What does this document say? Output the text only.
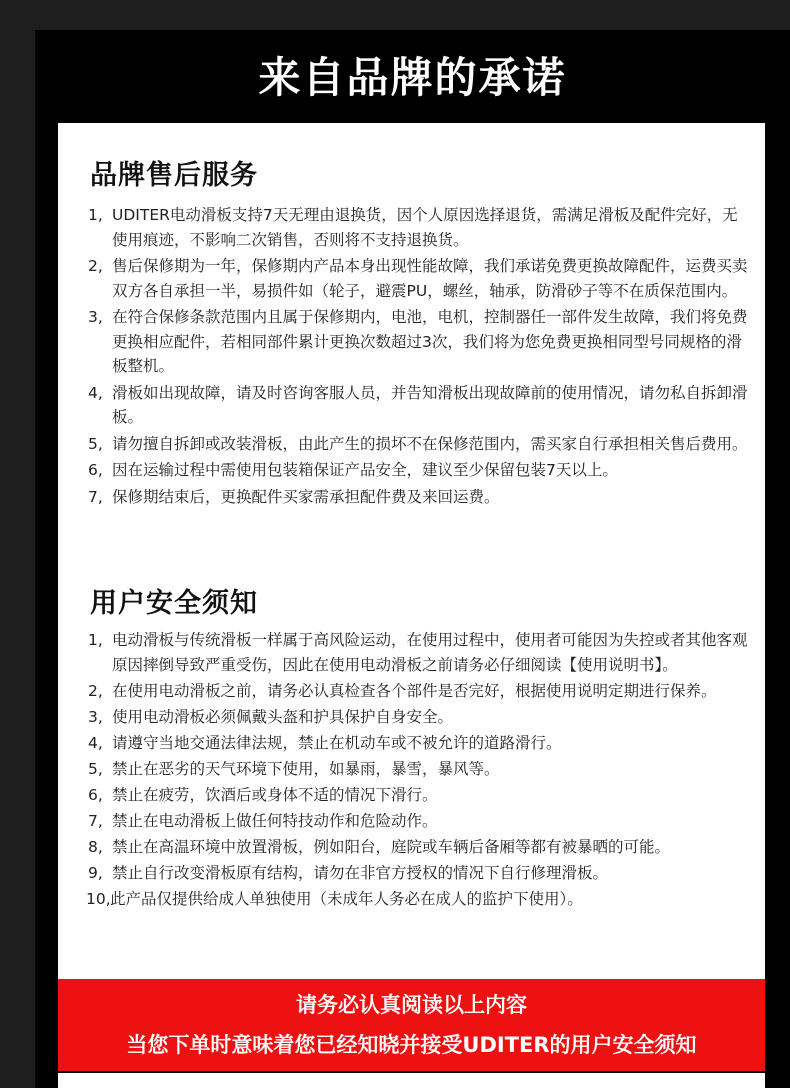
来自品牌的承诺
品牌售后服务
1, UDITER电动滑板支持7天无理由退换货，因个人原因选择退货，需满足滑板及配件完好，无使用痕迹，不影响二次销售，否则将不支持退换货。
2, 售后保修期为一年，保修期内产品本身出现性能故障，我们承诺免费更换故障配件，运费买卖双方各自承担一半，易损件如（轮子，避震PU，螺丝，轴承，防滑砂子等不在质保范围内。
3, 在符合保修条款范围内且属于保修期内，电池，电机，控制器任一部件发生故障，我们将免费更换相应配件，若相同部件累计更换次数超过3次，我们将为您免费更换相同型号同规格的滑板整机。
4, 滑板如出现故障，请及时咨询客服人员，并告知滑板出现故障前的使用情况，请勿私自拆卸滑板。
5, 请勿擅自拆卸或改装滑板，由此产生的损坏不在保修范围内，需买家自行承担相关售后费用。
6, 因在运输过程中需使用包装箱保证产品安全，建议至少保留包装7天以上。
7, 保修期结束后，更换配件买家需承担配件费及来回运费。
用户安全须知
1, 电动滑板与传统滑板一样属于高风险运动，在使用过程中，使用者可能因为失控或者其他客观原因摔倒导致严重受伤，因此在使用电动滑板之前请务必仔细阅读【使用说明书】。
2, 在使用电动滑板之前，请务必认真检查各个部件是否完好，根据使用说明定期进行保养。
3, 使用电动滑板必须佩戴头盔和护具保护自身安全。
4, 请遵守当地交通法律法规，禁止在机动车或不被允许的道路滑行。
5, 禁止在恶劣的天气环境下使用，如暴雨，暴雪，暴风等。
6, 禁止在疲劳，饮酒后或身体不适的情况下滑行。
7, 禁止在电动滑板上做任何特技动作和危险动作。
8, 禁止在高温环境中放置滑板，例如阳台，庭院或车辆后备厢等都有被暴晒的可能。
9, 禁止自行改变滑板原有结构，请勿在非官方授权的情况下自行修理滑板。
10, 此产品仅提供给成人单独使用（未成年人务必在成人的监护下使用）。
请务必认真阅读以上内容
当您下单时意味着您已经知晓并接受UDITER的用户安全须知
